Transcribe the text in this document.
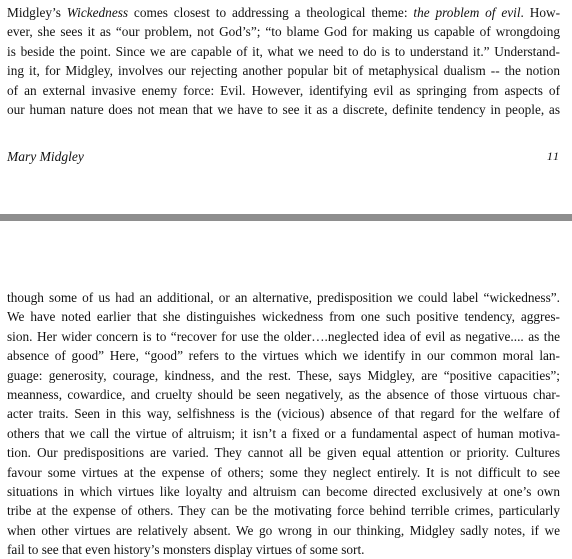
Midgley’s Wickedness comes closest to addressing a theological theme: the problem of evil. How-
ever, she sees it as “our problem, not God’s”; “to blame God for making us capable of wrongdoing
is beside the point. Since we are capable of it, what we need to do is to understand it.” Understand-
ing it, for Midgley, involves our rejecting another popular bit of metaphysical dualism -- the notion
of an external invasive enemy force: Evil. However, identifying evil as springing from aspects of
our human nature does not mean that we have to see it as a discrete, definite tendency in people, as
Mary Midgley	11
though some of us had an additional, or an alternative, predisposition we could label “wickedness”.
We have noted earlier that she distinguishes wickedness from one such positive tendency, aggres-
sion. Her wider concern is to “recover for use the older….neglected idea of evil as negative.... as the
absence of good” Here, “good” refers to the virtues which we identify in our common moral lan-
guage: generosity, courage, kindness, and the rest. These, says Midgley, are “positive capacities”;
meanness, cowardice, and cruelty should be seen negatively, as the absence of those virtuous char-
acter traits. Seen in this way, selfishness is the (vicious) absence of that regard for the welfare of
others that we call the virtue of altruism; it isn’t a fixed or a fundamental aspect of human motiva-
tion. Our predispositions are varied. They cannot all be given equal attention or priority. Cultures
favour some virtues at the expense of others; some they neglect entirely. It is not difficult to see
situations in which virtues like loyalty and altruism can become directed exclusively at one’s own
tribe at the expense of others. They can be the motivating force behind terrible crimes, particularly
when other virtues are relatively absent. We go wrong in our thinking, Midgley sadly notes, if we
fail to see that even history’s monsters display virtues of some sort.
